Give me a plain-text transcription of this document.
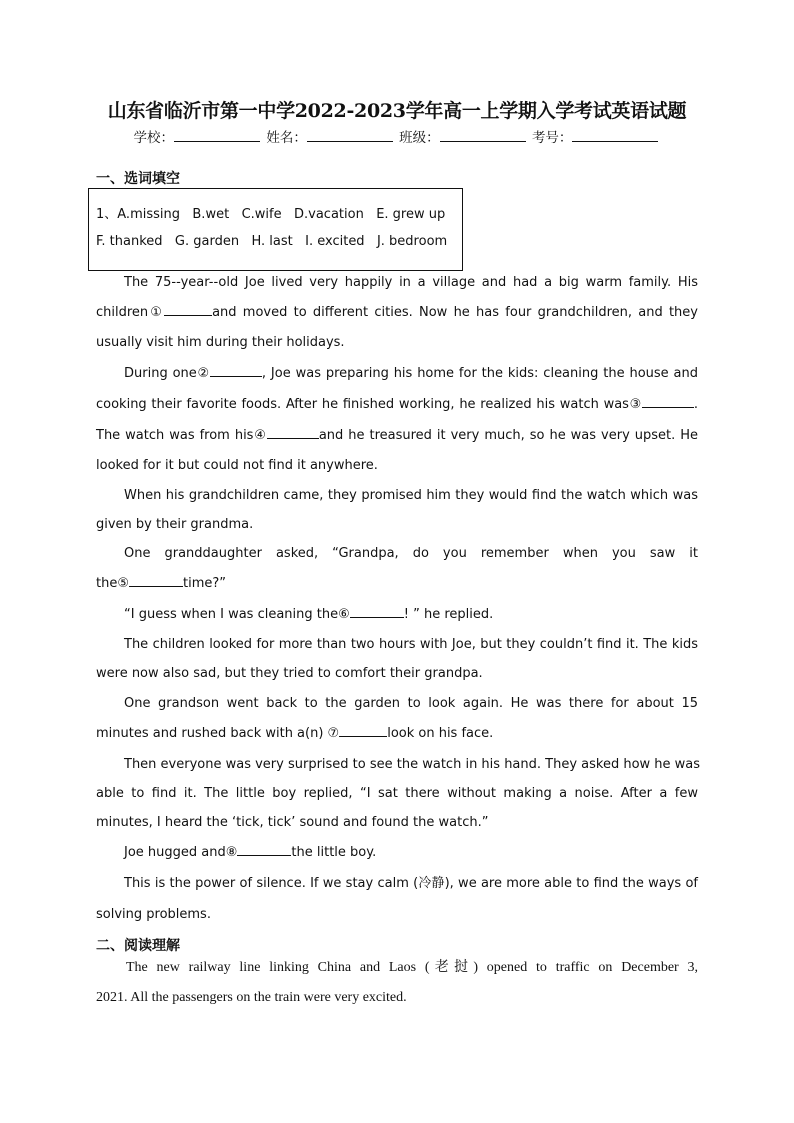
山东省临沂市第一中学2022-2023学年高一上学期入学考试英语试题
学校：	姓名：	班级：	考号：
一、选词填空
1、A.missing   B.wet   C.wife   D.vacation   E. grew up
F. thanked   G. garden   H. last   I. excited   J. bedroom
The 75--year--old Joe lived very happily in a village and had a big warm family. His
children①	and moved to different cities. Now he has four grandchildren, and they
usually visit him during their holidays.
During one②	, Joe was preparing his home for the kids: cleaning the house and
cooking their favorite foods. After he finished working, he realized his watch was③	.
The watch was from his④	and he treasured it very much, so he was very upset. He
looked for it but could not find it anywhere.
When his grandchildren came, they promised him they would find the watch which was
given by their grandma.
One granddaughter asked, “Grandpa, do you remember when you saw it
the⑤	time?”
“I guess when I was cleaning the⑥	! ” he replied.
The children looked for more than two hours with Joe, but they couldn’t find it. The kids
were now also sad, but they tried to comfort their grandpa.
One grandson went back to the garden to look again. He was there for about 15
minutes and rushed back with a(n) ⑦	look on his face.
Then everyone was very surprised to see the watch in his hand. They asked how he was
able to find it. The little boy replied, “I sat there without making a noise. After a few
minutes, I heard the ‘tick, tick’ sound and found the watch.”
Joe hugged and⑧	the little boy.
This is the power of silence. If we stay calm (冷静), we are more able to find the ways of
solving problems.
二、阅读理解
The new railway line linking China and Laos (老挝) opened to traffic on December 3,
2021. All the passengers on the train were very excited.
